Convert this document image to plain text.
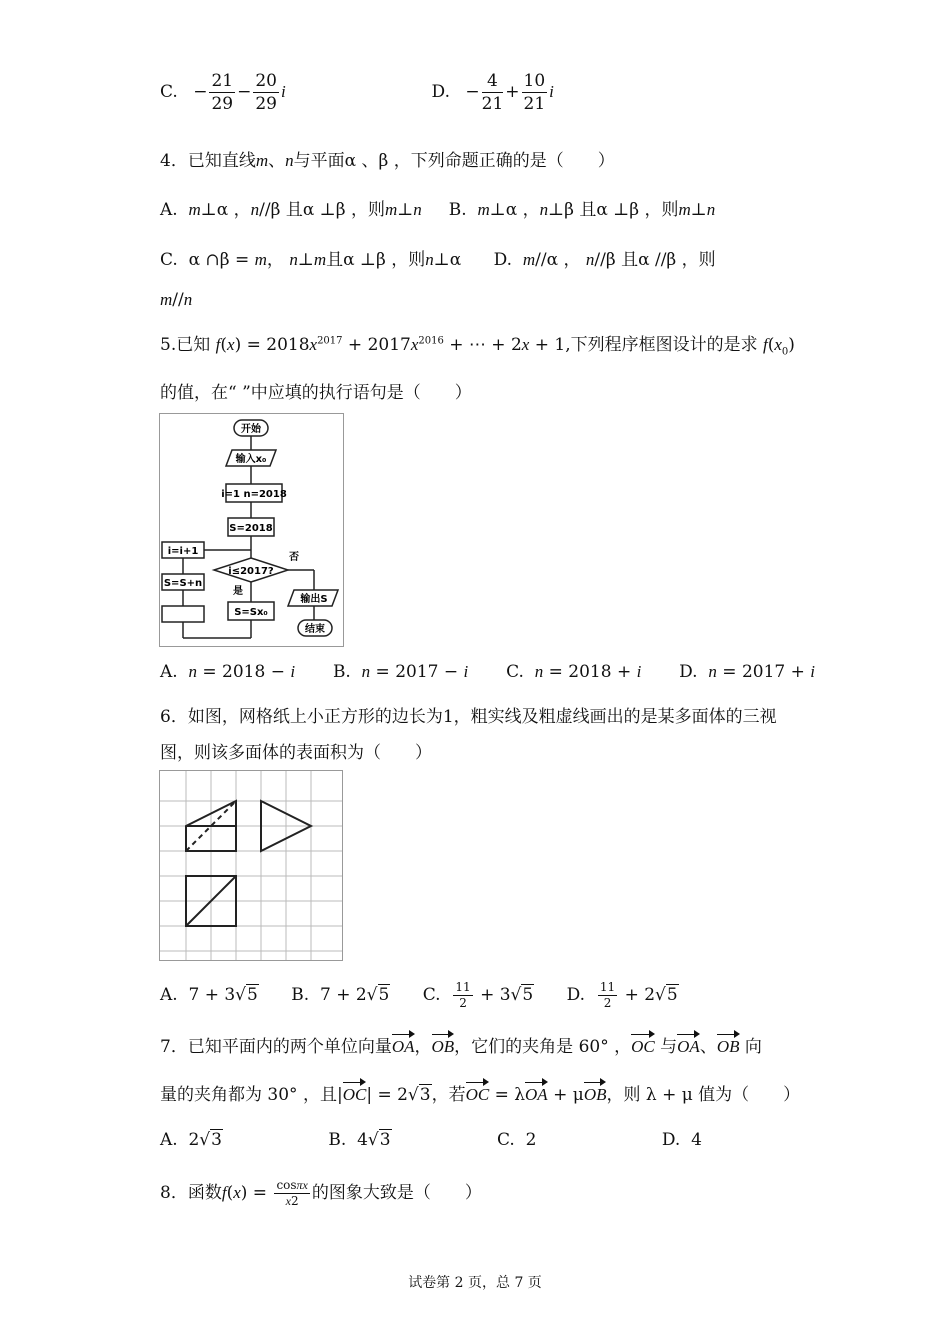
C. − $\frac{21}{29} - \frac{20}{29}$ i	D. − $\frac{4}{21} + \frac{10}{21}$ i
4．已知直线m、n与平面α 、β ，下列命题正确的是（　　）
A. m⊥α ，n//β 且α ⊥β ，则m⊥n B. m⊥α ，n⊥β 且α ⊥β ，则m⊥n
C.  α ∩β = m， n⊥m且α ⊥β ，则n⊥α      D. m//α ， n//β 且α //β ，则
m//n
5.已知 $f(x) = 2018x^{2017} + 2017x^{2016}$ + ⋯ + 2x + 1,下列程序框图设计的是求 $f(x_0)$
的值，在“ ”中应填的执行语句是（　　）
开始
输入x₀
i=1 n=2018
S=2018
i≤2017?
i=i+1
S=S+n
是
S=Sx₀
否
输出S
结束
A. n = 2018 − i B. n = 2017 − i C. n = 2018 + i D. n = 2017 + i
6．如图，网格纸上小正方形的边长为1，粗实线及粗虚线画出的是某多面体的三视
图，则该多面体的表面积为（　　）
A.  7 + 3√5 B.  7 + 2√5 C. $\frac{11}{2} + 3√5$ D. $\frac{11}{2} + 2√5$
7．已知平面内的两个单位向量OA，OB，它们的夹角是 60° ，OC 与OA、OB 向
量的夹角都为 30° ，且|OC| = 2√3，若OC = λOA + μOB，则 λ + μ 值为（　　）
A.  2√3	B.  4√3	C. 2	D. 4
8．函数$f(x) = \frac{\cos\pi x}{x2}$ 的图象大致是（　　）
试卷第 2 页，总 7 页
